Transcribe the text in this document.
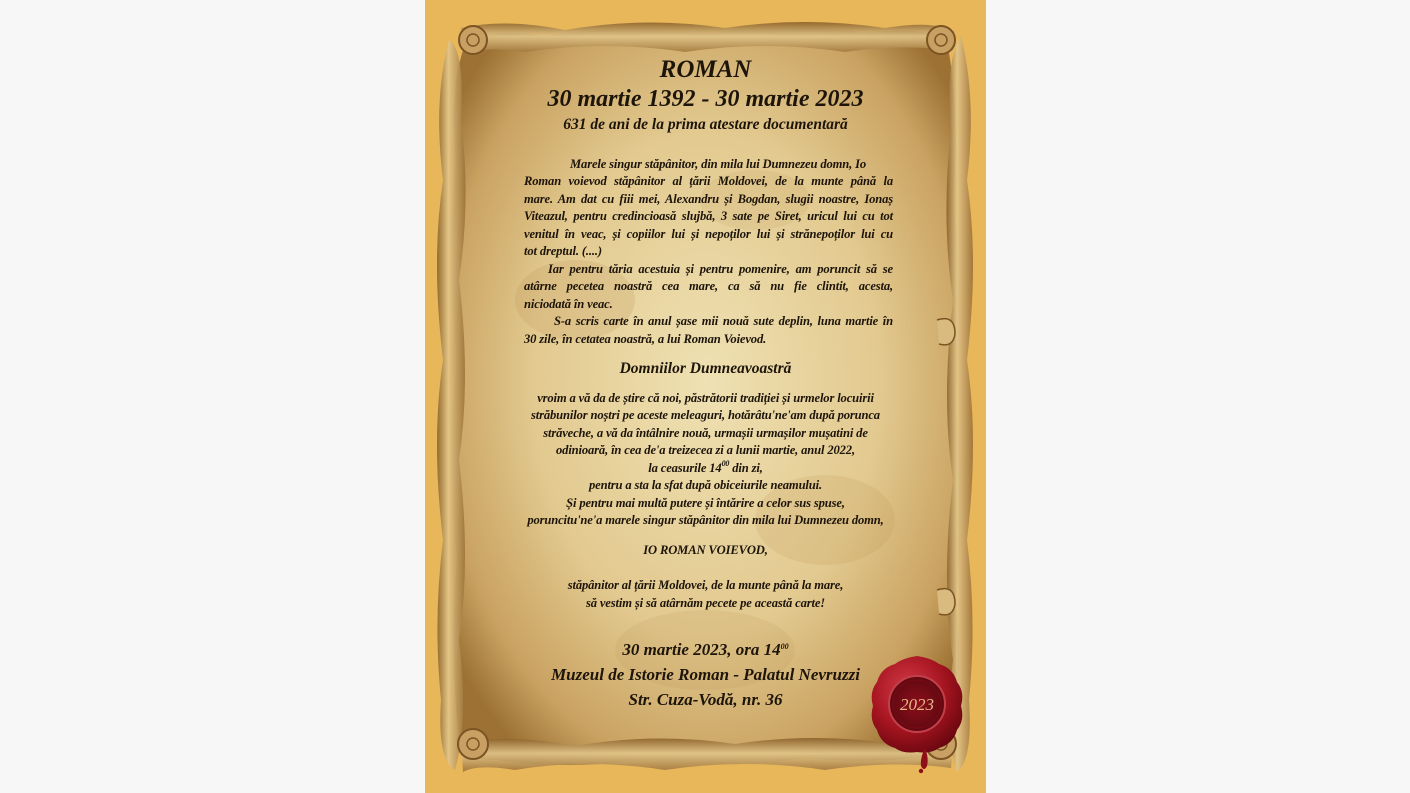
ROMAN
30 martie 1392 - 30 martie 2023
631 de ani de la prima atestare documentară
Marele singur stăpânitor, din mila lui Dumnezeu domn, Io
Roman voievod stăpânitor al țării Moldovei, de la munte până la
mare. Am dat cu fiii mei, Alexandru și Bogdan, slugii noastre, Ionaș
Viteazul, pentru credincioasă slujbă, 3 sate pe Siret, uricul lui cu tot
venitul în veac, și copiilor lui și nepoților lui și strănepoților lui cu
tot dreptul. (....)
Iar pentru tăria acestuia și pentru pomenire, am poruncit să se
atârne pecetea noastră cea mare, ca să nu fie clintit, acesta,
niciodată în veac.
S-a scris carte în anul șase mii nouă sute deplin, luna martie în
30 zile, în cetatea noastră, a lui Roman Voievod.
Domniilor Dumneavoastră
vroim a vă da de știre că noi, păstrătorii tradiției și urmelor locuirii
străbunilor noștri pe aceste meleaguri, hotărâtu'ne'am după porunca
străveche, a vă da întâlnire nouă, urmașii urmașilor mușatini de
odinioară, în cea de'a treizecea zi a lunii martie, anul 2022,
la ceasurile $14^{00}$ din zi,
pentru a sta la sfat după obiceiurile neamului.
Și pentru mai multă putere și întărire a celor sus spuse,
poruncitu'ne'a marele singur stăpânitor din mila lui Dumnezeu domn,
IO ROMAN VOIEVOD,
stăpânitor al țării Moldovei, de la munte până la mare,
să vestim și să atârnăm pecete pe această carte!
30 martie 2023, ora $14^{00}$
Muzeul de Istorie Roman - Palatul Nevruzzi
Str. Cuza-Vodă, nr. 36	2023
